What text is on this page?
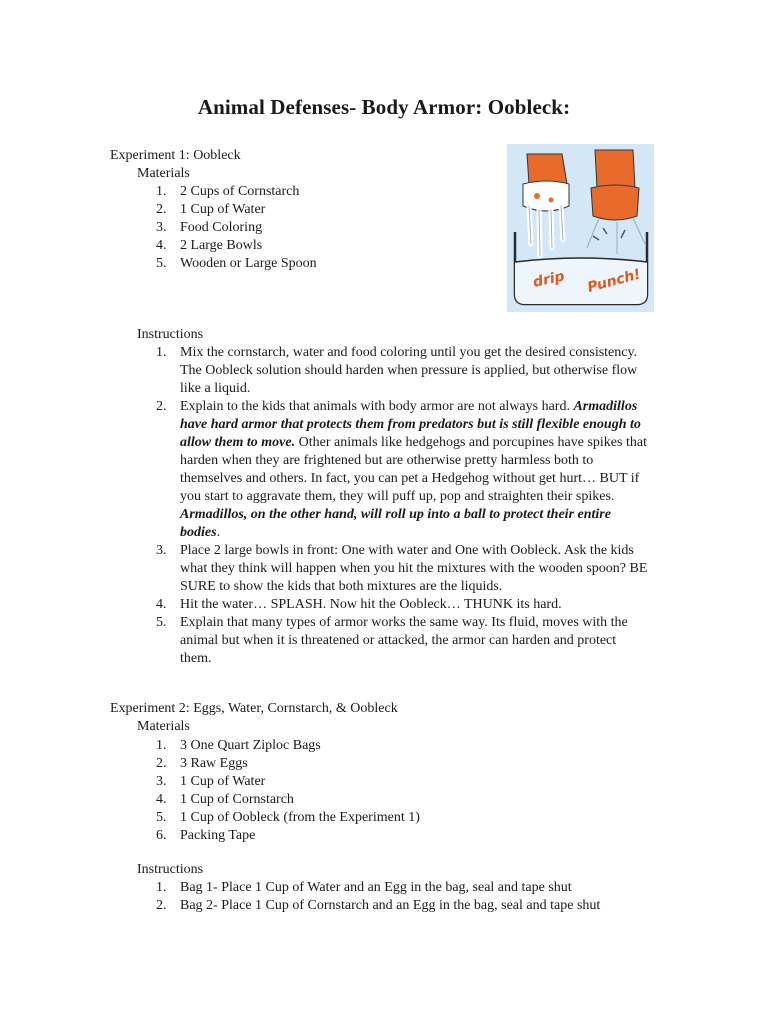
Animal Defenses- Body Armor: Oobleck:
Experiment 1: Oobleck
Materials
1. 2 Cups of Cornstarch
2. 1 Cup of Water
3. Food Coloring
4. 2 Large Bowls
5. Wooden or Large Spoon
drip Punch!
Instructions
1. Mix the cornstarch, water and food coloring until you get the desired consistency. The Oobleck solution should harden when pressure is applied, but otherwise flow like a liquid.
2. Explain to the kids that animals with body armor are not always hard. Armadillos have hard armor that protects them from predators but is still flexible enough to allow them to move. Other animals like hedgehogs and porcupines have spikes that harden when they are frightened but are otherwise pretty harmless both to themselves and others. In fact, you can pet a Hedgehog without get hurt… BUT if you start to aggravate them, they will puff up, pop and straighten their spikes. Armadillos, on the other hand, will roll up into a ball to protect their entire bodies.
3. Place 2 large bowls in front: One with water and One with Oobleck. Ask the kids what they think will happen when you hit the mixtures with the wooden spoon? BE SURE to show the kids that both mixtures are the liquids.
4. Hit the water… SPLASH. Now hit the Oobleck… THUNK its hard.
5. Explain that many types of armor works the same way. Its fluid, moves with the animal but when it is threatened or attacked, the armor can harden and protect them.
Experiment 2: Eggs, Water, Cornstarch, & Oobleck
Materials
1. 3 One Quart Ziploc Bags
2. 3 Raw Eggs
3. 1 Cup of Water
4. 1 Cup of Cornstarch
5. 1 Cup of Oobleck (from the Experiment 1)
6. Packing Tape
Instructions
1. Bag 1- Place 1 Cup of Water and an Egg in the bag, seal and tape shut
2. Bag 2- Place 1 Cup of Cornstarch and an Egg in the bag, seal and tape shut
